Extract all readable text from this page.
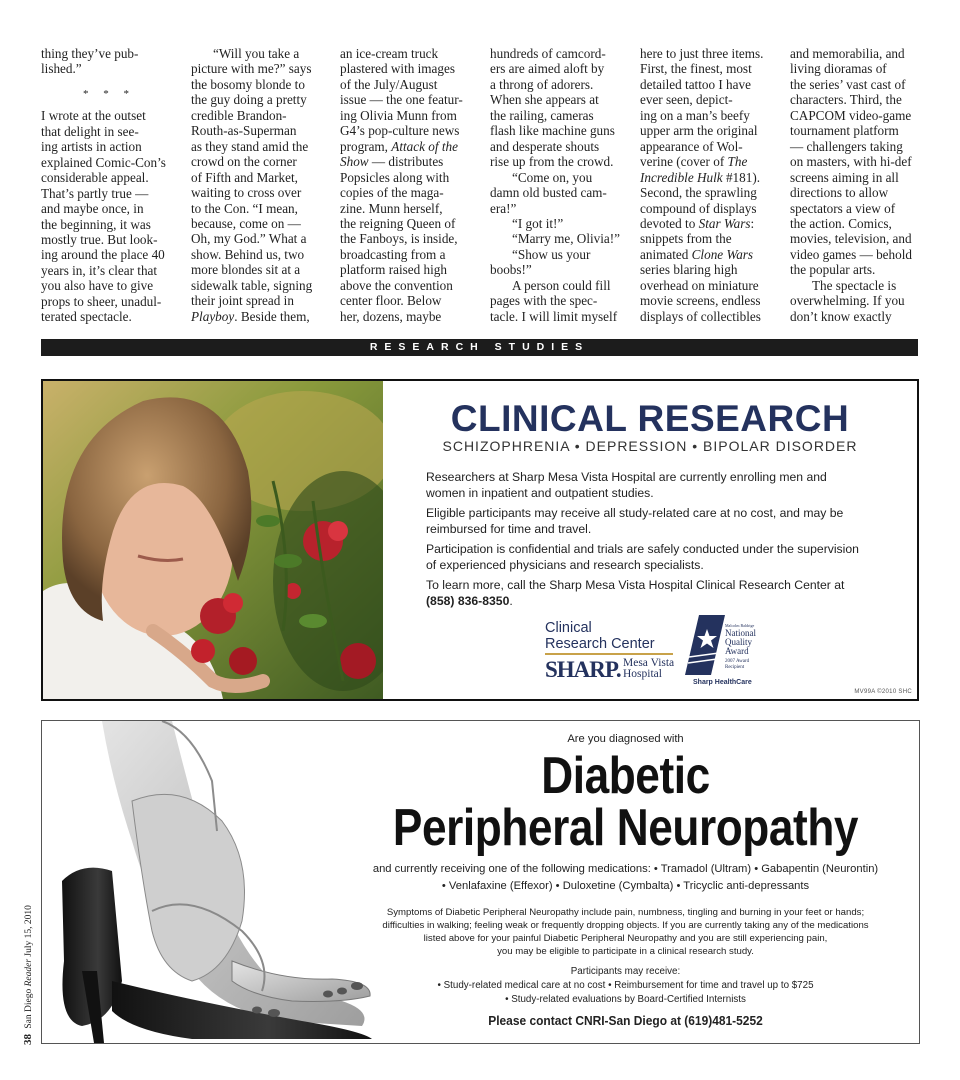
thing they’ve pub-

lished.”

* * *

I wrote at the outset

that delight in see-

ing artists in action

explained Comic-Con’s

considerable appeal.

That’s partly true —

and maybe once, in

the beginning, it was

mostly true. But look-

ing around the place 40

years in, it’s clear that

you also have to give

props to sheer, unadul-

terated spectacle.

“Will you take a

picture with me?” says

the bosomy blonde to

the guy doing a pretty

credible Brandon-

Routh-as-Superman

as they stand amid the

crowd on the corner

of Fifth and Market,

waiting to cross over

to the Con. “I mean,

because, come on —

Oh, my God.” What a

show. Behind us, two

more blondes sit at a

sidewalk table, signing

their joint spread in

Playboy. Beside them,

an ice-cream truck

plastered with images

of the July/August

issue — the one featur-

ing Olivia Munn from

G4’s pop-culture news

program, Attack of the

Show — distributes

Popsicles along with

copies of the maga-

zine. Munn herself,

the reigning Queen of

the Fanboys, is inside,

broadcasting from a

platform raised high

above the convention

center floor. Below

her, dozens, maybe

hundreds of camcord-

ers are aimed aloft by

a throng of adorers.

When she appears at

the railing, cameras

flash like machine guns

and desperate shouts

rise up from the crowd.

“Come on, you

damn old busted cam-

era!”

“I got it!”

“Marry me, Olivia!”

“Show us your

boobs!”

A person could fill

pages with the spec-

tacle. I will limit myself

here to just three items.

First, the finest, most

detailed tattoo I have

ever seen, depict-

ing on a man’s beefy

upper arm the original

appearance of Wol-

verine (cover of The

Incredible Hulk #181).

Second, the sprawling

compound of displays

devoted to Star Wars:

snippets from the

animated Clone Wars

series blaring high

overhead on miniature

movie screens, endless

displays of collectibles

and memorabilia, and

living dioramas of

the series’ vast cast of

characters. Third, the

CAPCOM video-game

tournament platform

— challengers taking

on masters, with hi-def

screens aiming in all

directions to allow

spectators a view of

the action. Comics,

movies, television, and

video games — behold

the popular arts.

The spectacle is

overwhelming. If you

don’t know exactly

RESEARCH STUDIES
CLINICAL RESEARCH
SCHIZOPHRENIA • DEPRESSION • BIPOLAR DISORDER

Researchers at Sharp Mesa Vista Hospital are currently enrolling men and women in inpatient and outpatient studies.

Eligible participants may receive all study-related care at no cost, and may be reimbursed for time and travel.

Participation is confidential and trials are safely conducted under the supervision of experienced physicians and research specialists.

To learn more, call the Sharp Mesa Vista Hospital Clinical Research Center at (858) 836-8350.

Clinical
Research Center
SHARP. Mesa Vista
Hospital
Malcolm Baldrige
National
Quality
Award
2007 Award
Recipient
Sharp HealthCare
MV99A ©2010 SHC
Are you diagnosed with
Diabetic
Peripheral Neuropathy
and currently receiving one of the following medications: • Tramadol (Ultram) • Gabapentin (Neurontin)
• Venlafaxine (Effexor) • Duloxetine (Cymbalta) • Tricyclic anti-depressants
Symptoms of Diabetic Peripheral Neuropathy include pain, numbness, tingling and burning in your feet or hands;
difficulties in walking; feeling weak or frequently dropping objects. If you are currently taking any of the medications
listed above for your painful Diabetic Peripheral Neuropathy and you are still experiencing pain,
you may be eligible to participate in a clinical research study.
Participants may receive:
• Study-related medical care at no cost • Reimbursement for time and travel up to $725
• Study-related evaluations by Board-Certified Internists
Please contact CNRI-San Diego at (619)481-5252
38 San Diego Reader July 15, 2010
